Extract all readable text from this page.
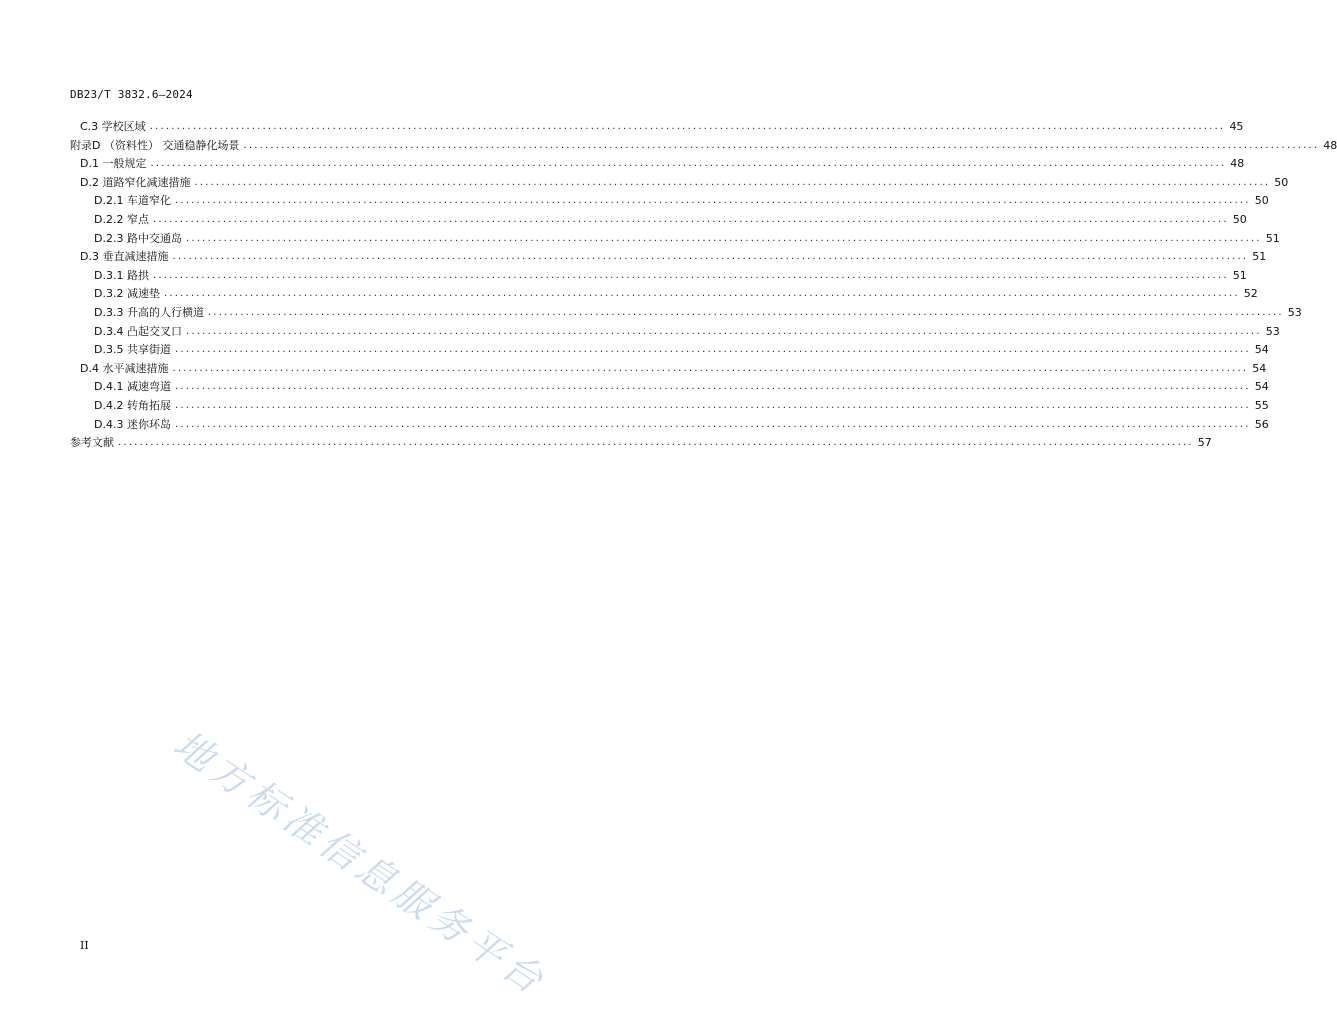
DB23/T 3832.6—2024
C.3 学校区域 ........................................................................................................................................................................................................ 45
附录D （资料性） 交通稳静化场景 ........................................................................................................................................................................................................ 48
D.1 一般规定 ........................................................................................................................................................................................................ 48
D.2 道路窄化减速措施 ........................................................................................................................................................................................................ 50
D.2.1 车道窄化 ........................................................................................................................................................................................................ 50
D.2.2 窄点 ........................................................................................................................................................................................................ 50
D.2.3 路中交通岛 ........................................................................................................................................................................................................ 51
D.3 垂直减速措施 ........................................................................................................................................................................................................ 51
D.3.1 路拱 ........................................................................................................................................................................................................ 51
D.3.2 减速垫 ........................................................................................................................................................................................................ 52
D.3.3 升高的人行横道 ........................................................................................................................................................................................................ 53
D.3.4 凸起交叉口 ........................................................................................................................................................................................................ 53
D.3.5 共享街道 ........................................................................................................................................................................................................ 54
D.4 水平减速措施 ........................................................................................................................................................................................................ 54
D.4.1 减速弯道 ........................................................................................................................................................................................................ 54
D.4.2 转角拓展 ........................................................................................................................................................................................................ 55
D.4.3 迷你环岛 ........................................................................................................................................................................................................ 56
参考文献 ........................................................................................................................................................................................................ 57
地方标准信息服务平台
II
